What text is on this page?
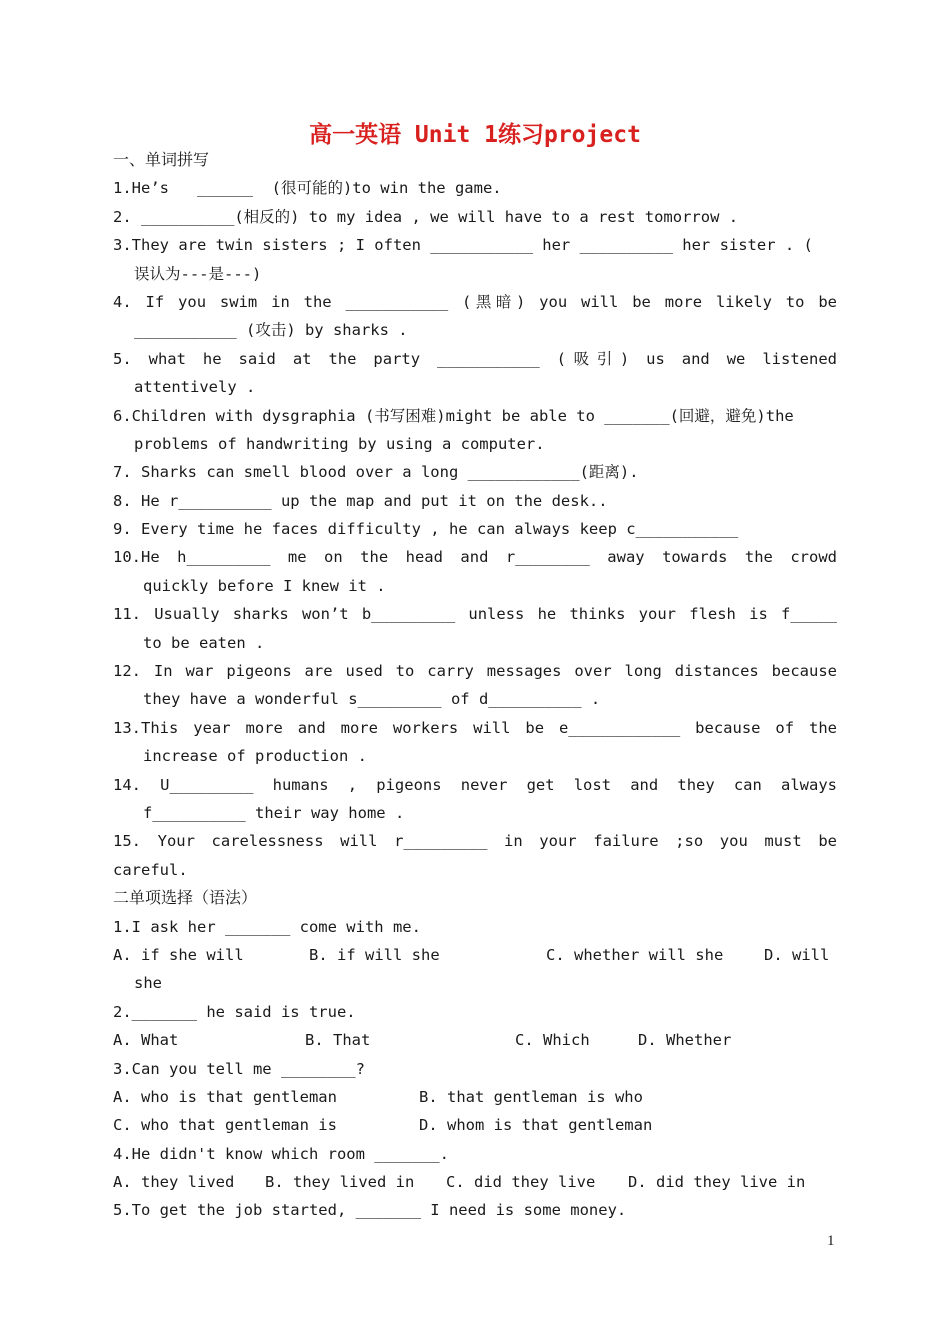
高一英语 Unit 1练习project
一、单词拼写
1.He’s   ______  (很可能的)to win the game.
2. __________(相反的) to my idea , we will have to a rest tomorrow .
3.They are twin sisters ; I often ___________ her __________ her sister . (
误认为---是---)
4. If you swim in the ___________ (黑暗) you will be more likely to be
___________ (攻击) by sharks .
5. what he said at the party ___________ (吸引) us and we listened
attentively .
6.Children with dysgraphia (书写困难)might be able to _______(回避，避免)the
problems of handwriting by using a computer.
7. Sharks can smell blood over a long ____________(距离).
8. He r__________ up the map and put it on the desk..
9. Every time he faces difficulty , he can always keep c___________
10.He h_________ me on the head and r________ away towards the crowd
quickly before I knew it .
11. Usually sharks won’t b_________ unless he thinks your flesh is f_____
to be eaten .
12. In war pigeons are used to carry messages over long distances because
they have a wonderful s_________ of d__________ .
13.This year more and more workers will be e____________ because of the
increase of production .
14. U_________ humans , pigeons never get lost and they can always
f__________ their way home .
15. Your carelessness will r_________ in your failure ;so you must be
careful.
二单项选择（语法）
1.I ask her _______ come with me.

A. if she will

	B. if will she

	C. whether will she

	D. will

she
2._______ he said is true.

A. What

	B. That

	C. Which

	D. Whether

3.Can you tell me ________?

A. who is that gentleman

	B. that gentleman is who

C. who that gentleman is

	D. whom is that gentleman

4.He didn't know which room _______.

A. they lived

B. they lived in

C. did they live

D. did they live in

5.To get the job started, _______ I need is some money.
1
